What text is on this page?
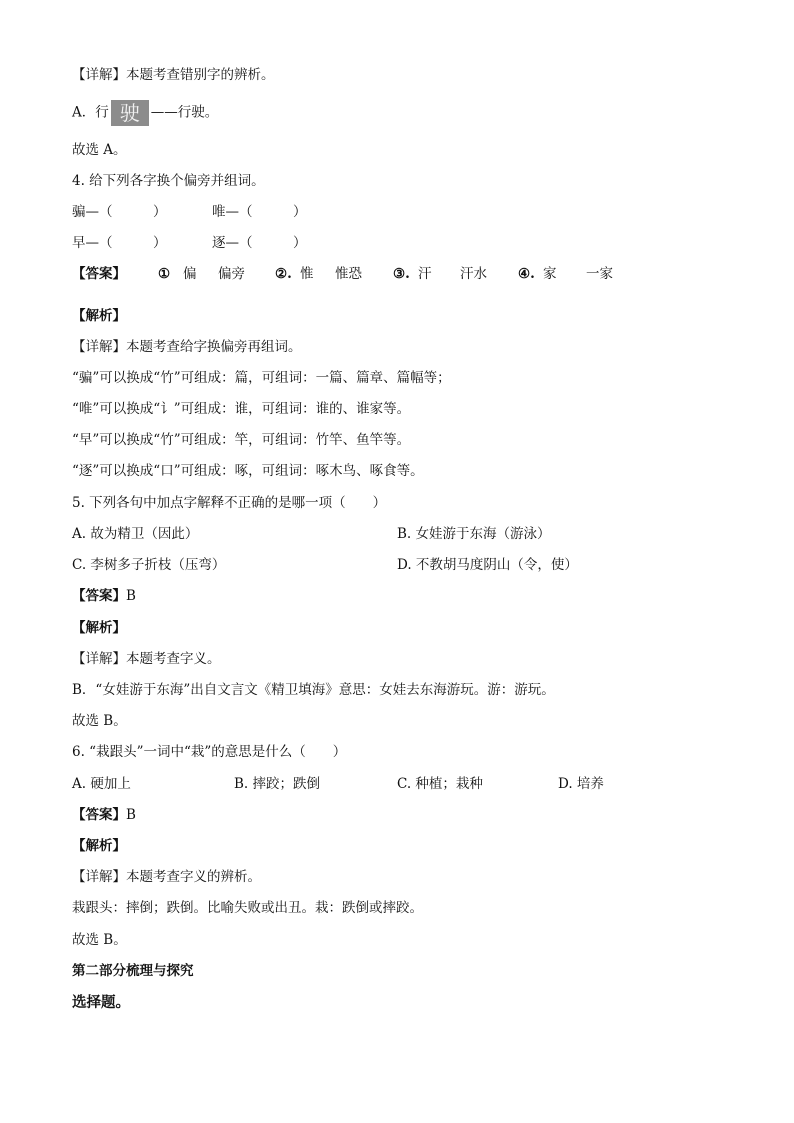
【详解】本题考查错别字的辨析。
A．行 驶 ——行驶。
故选 A。
4. 给下列各字换个偏旁并组词。
骗—（　　　）	唯—（　　　）
早—（　　　）	逐—（　　　）
【答案】 ① 偏 偏旁 ②. 惟 惟恐 ③. 汗 汗水 ④. 家 一家
【解析】
【详解】本题考查给字换偏旁再组词。
“骗”可以换成“竹”可组成：篇，可组词：一篇、篇章、篇幅等；
“唯”可以换成“讠”可组成：谁，可组词：谁的、谁家等。
“早”可以换成“竹”可组成：竿，可组词：竹竿、鱼竿等。
“逐”可以换成“口”可组成：啄，可组词：啄木鸟、啄食等。
5. 下列各句中加点字解释不正确的是哪一项（　　）
A. 故为精卫（因此）	B. 女娃游于东海（游泳）
C. 李树多子折枝（压弯）	D. 不教胡马度阴山（令，使）
【答案】B
【解析】
【详解】本题考查字义。
B．“女娃游于东海”出自文言文《精卫填海》意思：女娃去东海游玩。游：游玩。
故选 B。
6. “栽跟头”一词中“栽”的意思是什么（　　）
A. 硬加上	B. 摔跤；跌倒	C. 种植；栽种	D. 培养
【答案】B
【解析】
【详解】本题考查字义的辨析。
栽跟头：摔倒；跌倒。比喻失败或出丑。栽：跌倒或摔跤。
故选 B。
第二部分梳理与探究
选择题。
